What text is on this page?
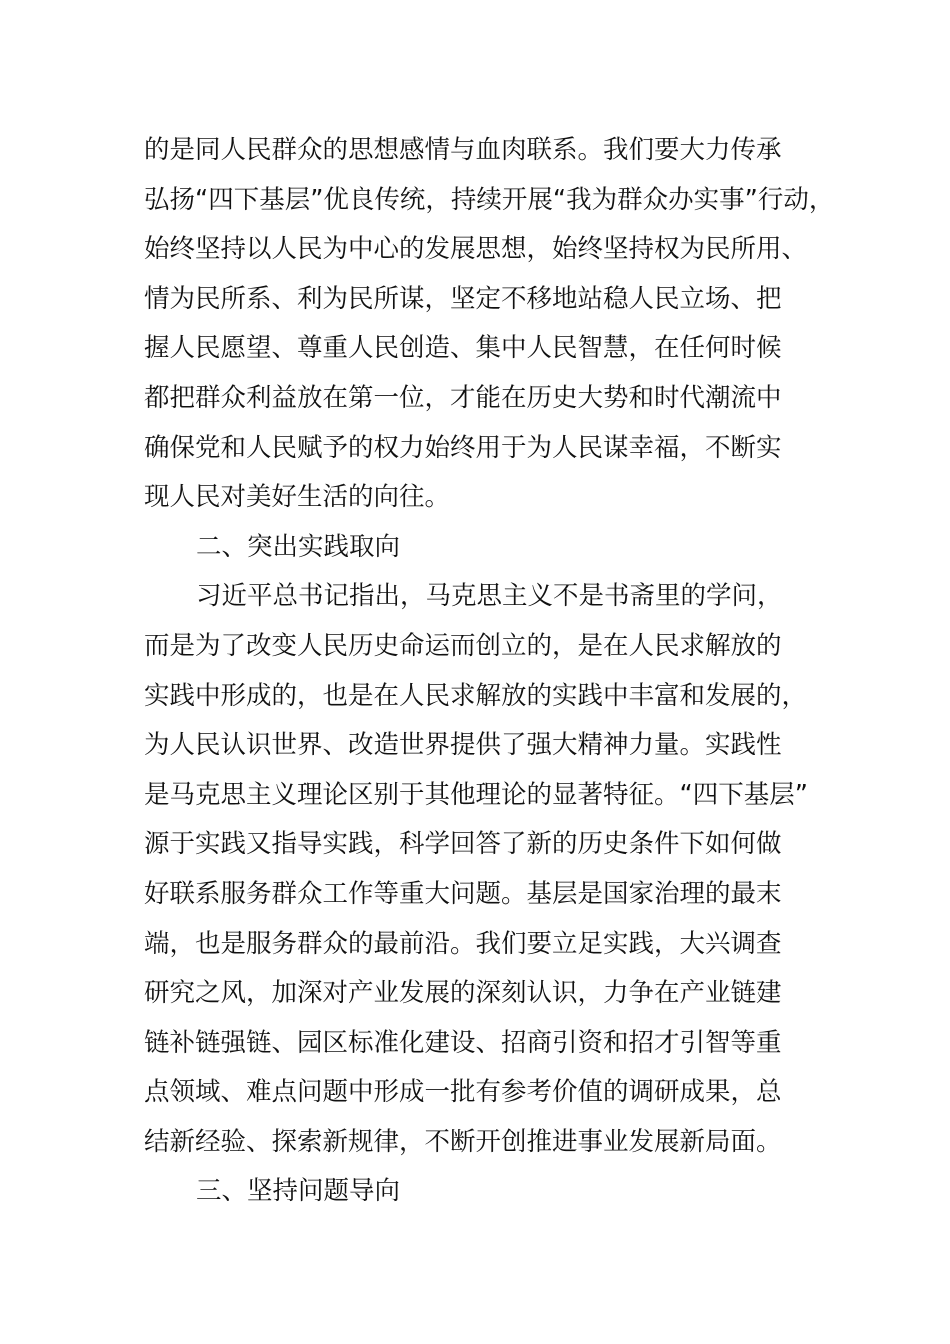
的是同人民群众的思想感情与血肉联系。我们要大力传承
弘扬“四下基层”优良传统，持续开展“我为群众办实事”行动，
始终坚持以人民为中心的发展思想，始终坚持权为民所用、
情为民所系、利为民所谋，坚定不移地站稳人民立场、把
握人民愿望、尊重人民创造、集中人民智慧，在任何时候
都把群众利益放在第一位，才能在历史大势和时代潮流中
确保党和人民赋予的权力始终用于为人民谋幸福，不断实
现人民对美好生活的向往。
二、突出实践取向
习近平总书记指出，马克思主义不是书斋里的学问，
而是为了改变人民历史命运而创立的，是在人民求解放的
实践中形成的，也是在人民求解放的实践中丰富和发展的，
为人民认识世界、改造世界提供了强大精神力量。实践性
是马克思主义理论区别于其他理论的显著特征。“四下基层”
源于实践又指导实践，科学回答了新的历史条件下如何做
好联系服务群众工作等重大问题。基层是国家治理的最末
端，也是服务群众的最前沿。我们要立足实践，大兴调查
研究之风，加深对产业发展的深刻认识，力争在产业链建
链补链强链、园区标准化建设、招商引资和招才引智等重
点领域、难点问题中形成一批有参考价值的调研成果，总
结新经验、探索新规律，不断开创推进事业发展新局面。
三、坚持问题导向
